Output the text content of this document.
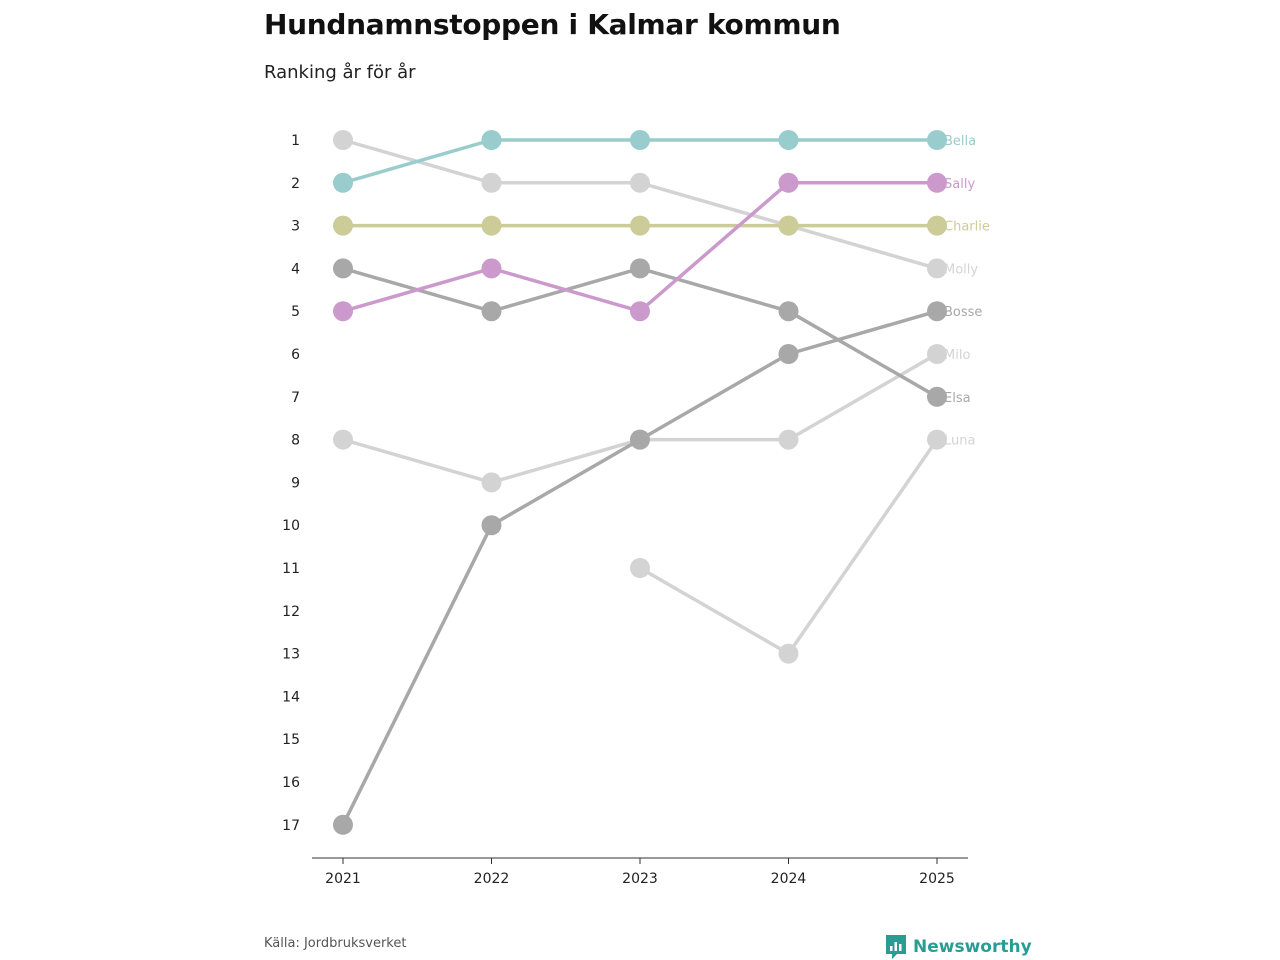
Hundnamnstoppen i Kalmar kommun

Ranking år för år

1
2
3
4
5
6
7
8
9
10
11
12
13
14
15
16
17
2021	2022	2023	2024	2025
Luna
Milo
Molly
Elsa
Bosse
Charlie
Sally
Bella
Källa: Jordbruksverket	Newsworthy
